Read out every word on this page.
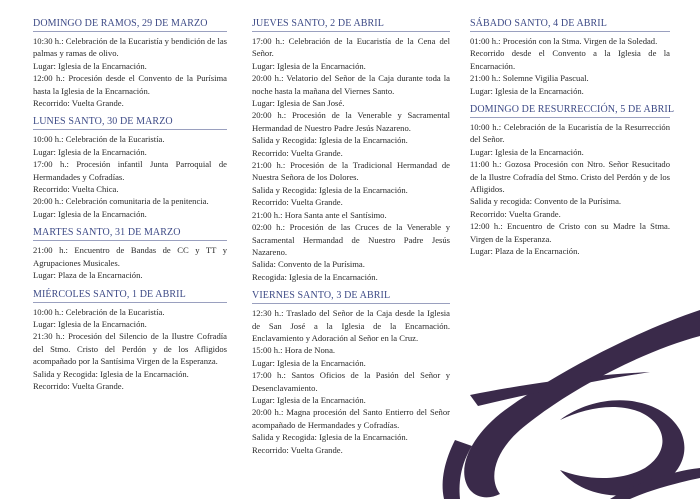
DOMINGO DE RAMOS, 29 DE MARZO

10:30 h.: Celebración de la Eucaristía y bendición de las palmas y ramas de olivo.

Lugar: Iglesia de la Encarnación.

12:00 h.: Procesión desde el Convento de la Purísima hasta la Iglesia de la Encarnación.

Recorrido: Vuelta Grande.

LUNES SANTO, 30 DE MARZO

10:00 h.: Celebración de la Eucaristía.

Lugar: Iglesia de la Encarnación.

17:00 h.: Procesión infantil Junta Parroquial de Hermandades y Cofradías.

Recorrido: Vuelta Chica.

20:00 h.: Celebración comunitaria de la penitencia.

Lugar: Iglesia de la Encarnación.

MARTES SANTO, 31 DE MARZO

21:00 h.: Encuentro de Bandas de CC y TT y Agrupaciones Musicales.

Lugar: Plaza de la Encarnación.

MIÉRCOLES SANTO, 1 DE ABRIL

10:00 h.: Celebración de la Eucaristía.

Lugar: Iglesia de la Encarnación.

21:30 h.: Procesión del Silencio de la Ilustre Cofradía del Stmo. Cristo del Perdón y de los Afligidos acompañado por la Santísima Virgen de la Esperanza.

Salida y Recogida: Iglesia de la Encarnación.

Recorrido: Vuelta Grande.

JUEVES SANTO, 2 DE ABRIL

17:00 h.: Celebración de la Eucaristía de la Cena del Señor.

Lugar: Iglesia de la Encarnación.

20:00 h.: Velatorio del Señor de la Caja durante toda la noche hasta la mañana del Viernes Santo.

Lugar: Iglesia de San José.

20:00 h.: Procesión de la Venerable y Sacramental Hermandad de Nuestro Padre Jesús Nazareno.

Salida y Recogida: Iglesia de la Encarnación.

Recorrido: Vuelta Grande.

21:00 h.: Procesión de la Tradicional Hermandad de Nuestra Señora de los Dolores.

Salida y Recogida: Iglesia de la Encarnación.

Recorrido: Vuelta Grande.

21:00 h.: Hora Santa ante el Santísimo.

02:00 h.: Procesión de las Cruces de la Venerable y Sacramental Hermandad de Nuestro Padre Jesús Nazareno.

Salida: Convento de la Purísima.

Recogida: Iglesia de la Encarnación.

VIERNES SANTO, 3 DE ABRIL

12:30 h.: Traslado del Señor de la Caja desde la Iglesia de San José a la Iglesia de la Encarnación. Enclavamiento y Adoración al Señor en la Cruz.

15:00 h.: Hora de Nona.

Lugar: Iglesia de la Encarnación.

17:00 h.: Santos Oficios de la Pasión del Señor y Desenclavamiento.

Lugar: Iglesia de la Encarnación.

20:00 h.: Magna procesión del Santo Entierro del Señor acompañado de Hermandades y Cofradías.

Salida y Recogida: Iglesia de la Encarnación.

Recorrido: Vuelta Grande.

SÁBADO SANTO, 4 DE ABRIL

01:00 h.: Procesión con la Stma. Virgen de la Soledad.

Recorrido desde el Convento a la Iglesia de la Encarnación.

21:00 h.: Solemne Vigilia Pascual.

Lugar: Iglesia de la Encarnación.

DOMINGO DE RESURRECCIÓN, 5 DE ABRIL

10:00 h.: Celebración de la Eucaristía de la Resurrección del Señor.

Lugar: Iglesia de la Encarnación.

11:00 h.: Gozosa Procesión con Ntro. Señor Resucitado de la Ilustre Cofradía del Stmo. Cristo del Perdón y de los Afligidos.

Salida y recogida: Convento de la Purísima.

Recorrido: Vuelta Grande.

12:00 h.: Encuentro de Cristo con su Madre la Stma. Virgen de la Esperanza.

Lugar: Plaza de la Encarnación.
